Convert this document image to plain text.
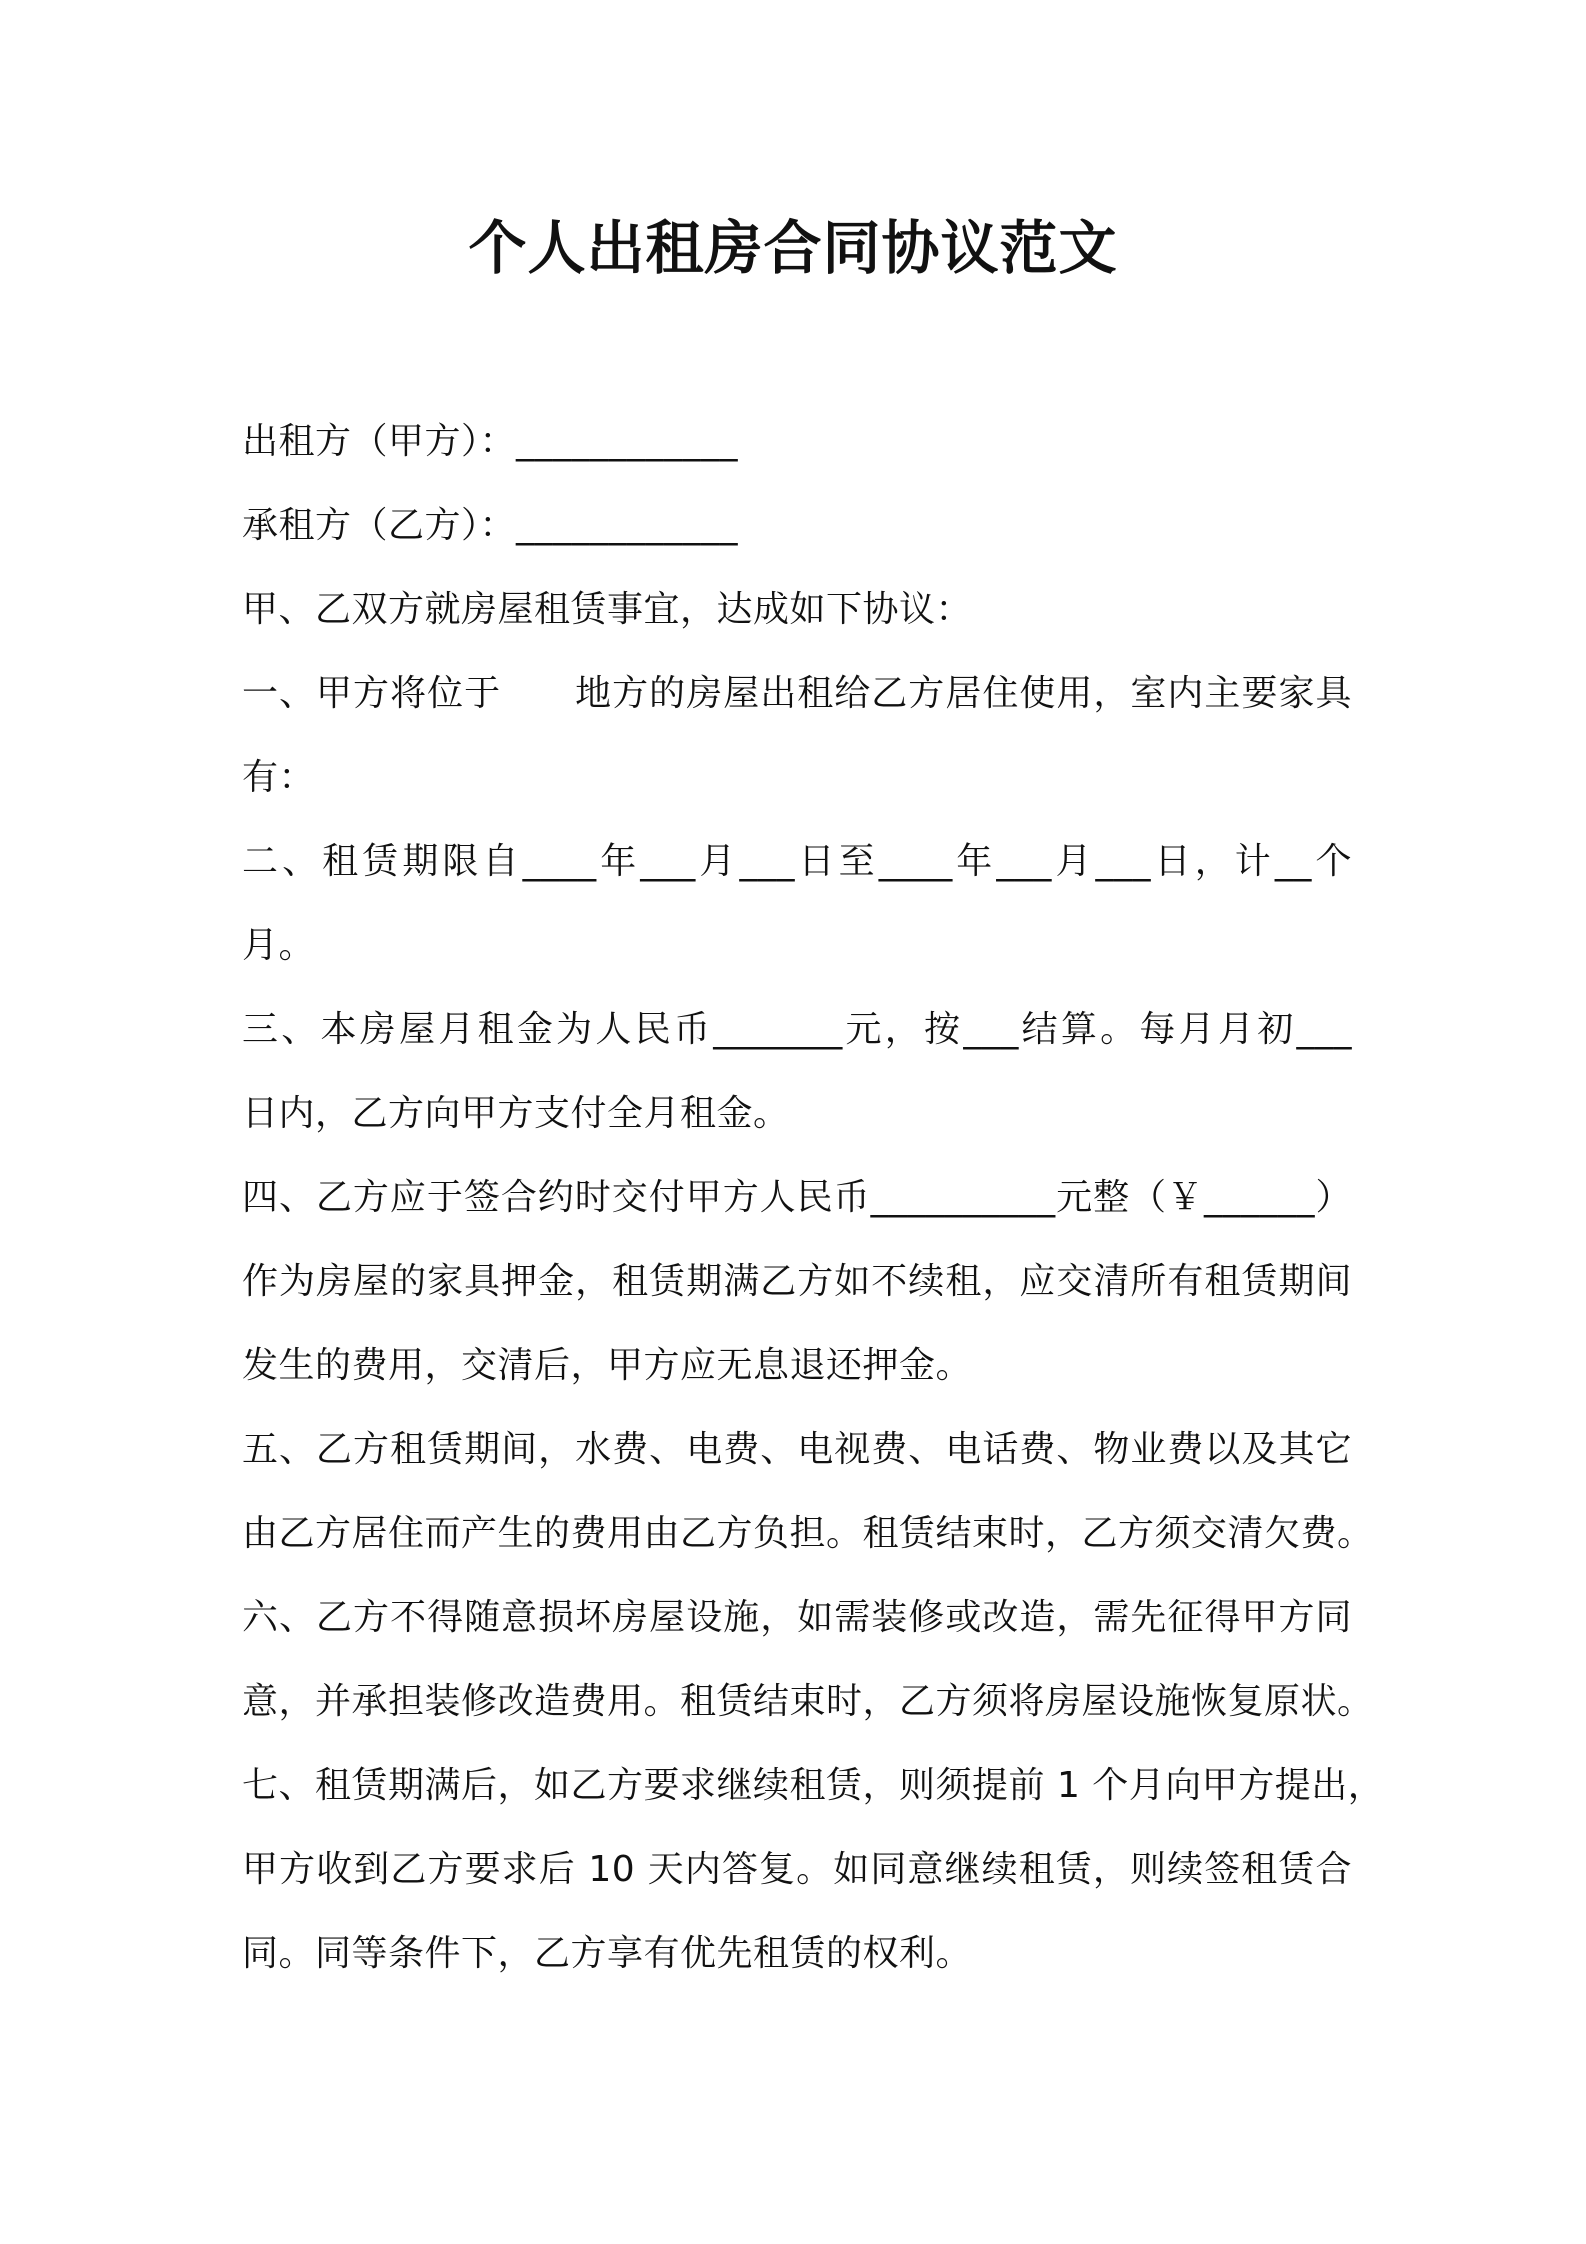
个人出租房合同协议范文
出租方（甲方）：____________
承租方（乙方）：____________
甲、乙双方就房屋租赁事宜，达成如下协议：
一、甲方将位于　　地方的房屋出租给乙方居住使用，室内主要家具
有：
二、租赁期限自____年___月___日至____年___月___日，计__个
月。
三、本房屋月租金为人民币_______元，按___结算。每月月初___
日内，乙方向甲方支付全月租金。
四、乙方应于签合约时交付甲方人民币__________元整（￥______）
作为房屋的家具押金，租赁期满乙方如不续租，应交清所有租赁期间
发生的费用，交清后，甲方应无息退还押金。
五、乙方租赁期间，水费、电费、电视费、电话费、物业费以及其它
由乙方居住而产生的费用由乙方负担。租赁结束时，乙方须交清欠费。
六、乙方不得随意损坏房屋设施，如需装修或改造，需先征得甲方同
意，并承担装修改造费用。租赁结束时，乙方须将房屋设施恢复原状。
七、租赁期满后，如乙方要求继续租赁，则须提前 1 个月向甲方提出，
甲方收到乙方要求后 10 天内答复。如同意继续租赁，则续签租赁合
同。同等条件下，乙方享有优先租赁的权利。
